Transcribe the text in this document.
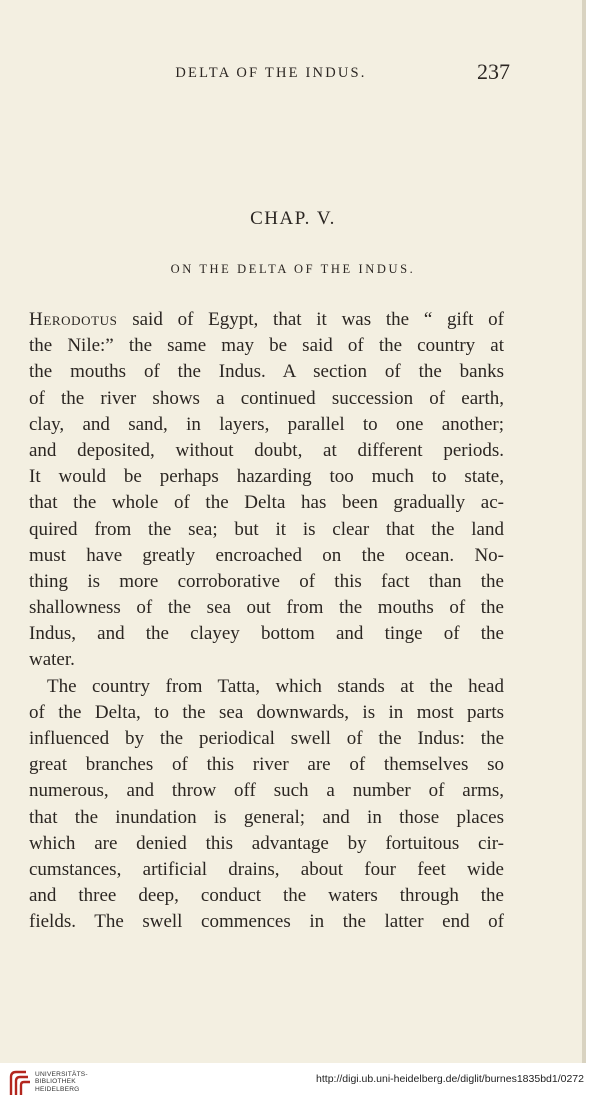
DELTA OF THE INDUS.	237
CHAP. V.
ON THE DELTA OF THE INDUS.
Herodotus said of Egypt, that it was the “ gift of
the Nile:” the same may be said of the country at
the mouths of the Indus. A section of the banks
of the river shows a continued succession of earth,
clay, and sand, in layers, parallel to one another;
and deposited, without doubt, at different periods.
It would be perhaps hazarding too much to state,
that the whole of the Delta has been gradually ac-
quired from the sea; but it is clear that the land
must have greatly encroached on the ocean. No-
thing is more corroborative of this fact than the
shallowness of the sea out from the mouths of the
Indus, and the clayey bottom and tinge of the
water.
The country from Tatta, which stands at the head
of the Delta, to the sea downwards, is in most parts
influenced by the periodical swell of the Indus: the
great branches of this river are of themselves so
numerous, and throw off such a number of arms,
that the inundation is general; and in those places
which are denied this advantage by fortuitous cir-
cumstances, artificial drains, about four feet wide
and three deep, conduct the waters through the
fields. The swell commences in the latter end of
UNIVERSITÄTS-
BIBLIOTHEK
HEIDELBERG
http://digi.ub.uni-heidelberg.de/diglit/burnes1835bd1/0272
